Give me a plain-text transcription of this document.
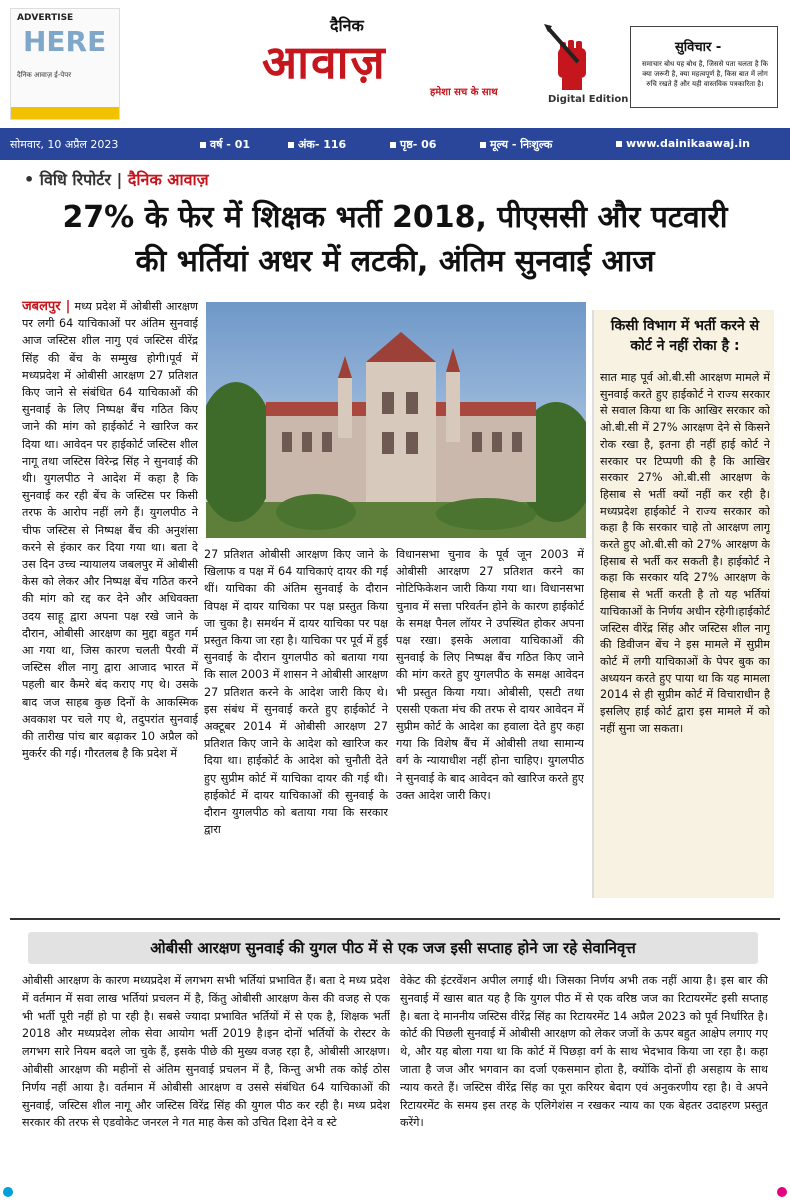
ADVERTISE
HERE
दैनिक आवाज़ ई-पेपर
दैनिक
आवाज़
हमेशा सच के साथ
Digital Edition
सुविचार -
समाचार बोध यह बोध है, जिससे पता चलता है कि क्या जरूरी है, क्या महत्वपूर्ण है, किस बात में लोग रुचि रखते हैं और यही वास्तविक पत्रकारिता है।
सोमवार, 10 अप्रैल 2023	वर्ष - 01	अंक- 116	पृष्ठ- 06	मूल्य - निःशुल्क	www.dainikaawaj.in
• विधि रिपोर्टर | दैनिक आवाज़
27% के फेर में शिक्षक भर्ती 2018, पीएससी और पटवारी
की भर्तियां अधर में लटकी, अंतिम सुनवाई आज
जबलपुर | मध्य प्रदेश में ओबीसी आरक्षण पर लगी 64 याचिकाओं पर अंतिम सुनवाई आज जस्टिस शील नागु एवं जस्टिस वीरेंद्र सिंह की बेंच के सम्मुख होगी।पूर्व में मध्यप्रदेश में ओबीसी आरक्षण 27 प्रतिशत किए जाने से संबंधित 64 याचिकाओं की सुनवाई के लिए निष्पक्ष बैंच गठित किए जाने की मांग को हाईकोर्ट ने खारिज कर दिया था। आवेदन पर हाईकोर्ट जस्टिस शील नागू तथा जस्टिस विरेन्द्र सिंह ने सुनवाई की थी। युगलपीठ ने आदेश में कहा है कि सुनवाई कर रही बेंच के जस्टिस पर किसी तरफ के आरोप नहीं लगे हैं। युगलपीठ ने चीफ जस्टिस से निष्पक्ष बैंच की अनुशंसा करने से इंकार कर दिया गया था। बता दे उस दिन उच्च न्यायालय जबलपुर में ओबीसी केस को लेकर और निष्पक्ष बेंच गठित करने की मांग को रद्द कर देने और अधिवक्ता उदय साहू द्वारा अपना पक्ष रखे जाने के दौरान, ओबीसी आरक्षण का मुद्दा बहुत गर्म आ गया था, जिस कारण चलती पैरवी में जस्टिस शील नागु द्वारा आजाद भारत में पहली बार कैमरे बंद कराए गए थे। उसके बाद जज साहब कुछ दिनों के आकस्मिक अवकाश पर चले गए थे, तदुपरांत सुनवाई की तारीख पांच बार बढ़ाकर 10 अप्रैल को मुकर्रर की गई। गौरतलब है कि प्रदेश में
27 प्रतिशत ओबीसी आरक्षण किए जाने के खिलाफ व पक्ष में 64 याचिकाएं दायर की गई थीं। याचिका की अंतिम सुनवाई के दौरान विपक्ष में दायर याचिका पर पक्ष प्रस्तुत किया जा चुका है। समर्थन में दायर याचिका पर पक्ष प्रस्तुत किया जा रहा है। याचिका पर पूर्व में हुई सुनवाई के दौरान युगलपीठ को बताया गया कि साल 2003 में शासन ने ओबीसी आरक्षण 27 प्रतिशत करने के आदेश जारी किए थे। इस संबंध में सुनवाई करते हुए हाईकोर्ट ने अक्टूबर 2014 में ओबीसी आरक्षण 27 प्रतिशत किए जाने के आदेश को खारिज कर दिया था। हाईकोर्ट के आदेश को चुनौती देते हुए सुप्रीम कोर्ट में याचिका दायर की गई थी।हाईकोर्ट में दायर याचिकाओं की सुनवाई के दौरान युगलपीठ को बताया गया कि सरकार द्वारा
विधानसभा चुनाव के पूर्व जून 2003 में ओबीसी आरक्षण 27 प्रतिशत करने का नोटिफिकेशन जारी किया गया था। विधानसभा चुनाव में सत्ता परिवर्तन होने के कारण हाईकोर्ट के समक्ष पैनल लॉयर ने उपस्थित होकर अपना पक्ष रखा। इसके अलावा याचिकाओं की सुनवाई के लिए निष्पक्ष बैंच गठित किए जाने की मांग करते हुए युगलपीठ के समक्ष आवेदन भी प्रस्तुत किया गया। ओबीसी, एसटी तथा एससी एकता मंच की तरफ से दायर आवेदन में सुप्रीम कोर्ट के आदेश का हवाला देते हुए कहा गया कि विशेष बैंच में ओबीसी तथा सामान्य वर्ग के न्यायाधीश नहीं होना चाहिए। युगलपीठ ने सुनवाई के बाद आवेदन को खारिज करते हुए उक्त आदेश जारी किए।
किसी विभाग में भर्ती करने से कोर्ट ने नहीं रोका है :
सात माह पूर्व ओ.बी.सी आरक्षण मामले में सुनवाई करते हुए हाईकोर्ट ने राज्य सरकार से सवाल किया था कि आखिर सरकार को ओ.बी.सी में 27% आरक्षण देने से किसने रोक रखा है, इतना ही नहीं हाई कोर्ट ने सरकार पर टिप्पणी की है कि आखिर सरकार 27% ओ.बी.सी आरक्षण के हिसाब से भर्ती क्यों नहीं कर रही है। मध्यप्रदेश हाईकोर्ट ने राज्य सरकार को कहा है कि सरकार चाहे तो आरक्षण लागू करते हुए ओ.बी.सी को 27% आरक्षण के हिसाब से भर्ती कर सकती है। हाईकोर्ट ने कहा कि सरकार यदि 27% आरक्षण के हिसाब से भर्ती करती है तो यह भर्तियां याचिकाओं के निर्णय अधीन रहेगी।हाईकोर्ट जस्टिस वीरेंद्र सिंह और जस्टिस शील नागू की डिवीजन बेंच ने इस मामले में सुप्रीम कोर्ट में लगी याचिकाओं के पेपर बुक का अध्ययन करते हुए पाया था कि यह मामला 2014 से ही सुप्रीम कोर्ट में विचाराधीन है इसलिए हाई कोर्ट द्वारा इस मामले में को नहीं सुना जा सकता।
ओबीसी आरक्षण सुनवाई की युगल पीठ में से एक जज इसी सप्ताह होने जा रहे सेवानिवृत्त
ओबीसी आरक्षण के कारण मध्यप्रदेश में लगभग सभी भर्तियां प्रभावित हैं। बता दे मध्य प्रदेश में वर्तमान में सवा लाख भर्तियां प्रचलन में है, किंतु ओबीसी आरक्षण केस की वजह से एक भी भर्ती पूरी नहीं हो पा रही है। सबसे ज्यादा प्रभावित भर्तियों में से एक है, शिक्षक भर्ती 2018 और मध्यप्रदेश लोक सेवा आयोग भर्ती 2019 है।इन दोनों भर्तियों के रोस्टर के लगभग सारे नियम बदले जा चुके हैं, इसके पीछे की मुख्य वजह रहा है, ओबीसी आरक्षण। ओबीसी आरक्षण की महीनों से अंतिम सुनवाई प्रचलन में है, किन्तु अभी तक कोई ठोस निर्णय नहीं आया है। वर्तमान में ओबीसी आरक्षण व उससे संबंधित 64 याचिकाओं की सुनवाई, जस्टिस शील नागू और जस्टिस विरेंद्र सिंह की युगल पीठ कर रही है। मध्य प्रदेश सरकार की तरफ से एडवोकेट जनरल ने गत माह केस को उचित दिशा देने व स्टे
वेकेट की इंटरवेंशन अपील लगाई थी। जिसका निर्णय अभी तक नहीं आया है। इस बार की सुनवाई में खास बात यह है कि युगल पीठ में से एक वरिष्ठ जज का रिटायरमेंट इसी सप्ताह है। बता दे माननीय जस्टिस वीरेंद्र सिंह का रिटायरमेंट 14 अप्रैल 2023 को पूर्व निर्धारित है। कोर्ट की पिछली सुनवाई में ओबीसी आरक्षण को लेकर जजों के ऊपर बहुत आक्षेप लगाए गए थे, और यह बोला गया था कि कोर्ट में पिछड़ा वर्ग के साथ भेदभाव किया जा रहा है। कहा जाता है जज और भगवान का दर्जा एकसमान होता है, क्योंकि दोनों ही असहाय के साथ न्याय करते हैं। जस्टिस वीरेंद्र सिंह का पूरा करियर बेदाग एवं अनुकरणीय रहा है। वे अपने रिटायरमेंट के समय इस तरह के एलिगेशंस न रखकर न्याय का एक बेहतर उदाहरण प्रस्तुत करेंगे।
